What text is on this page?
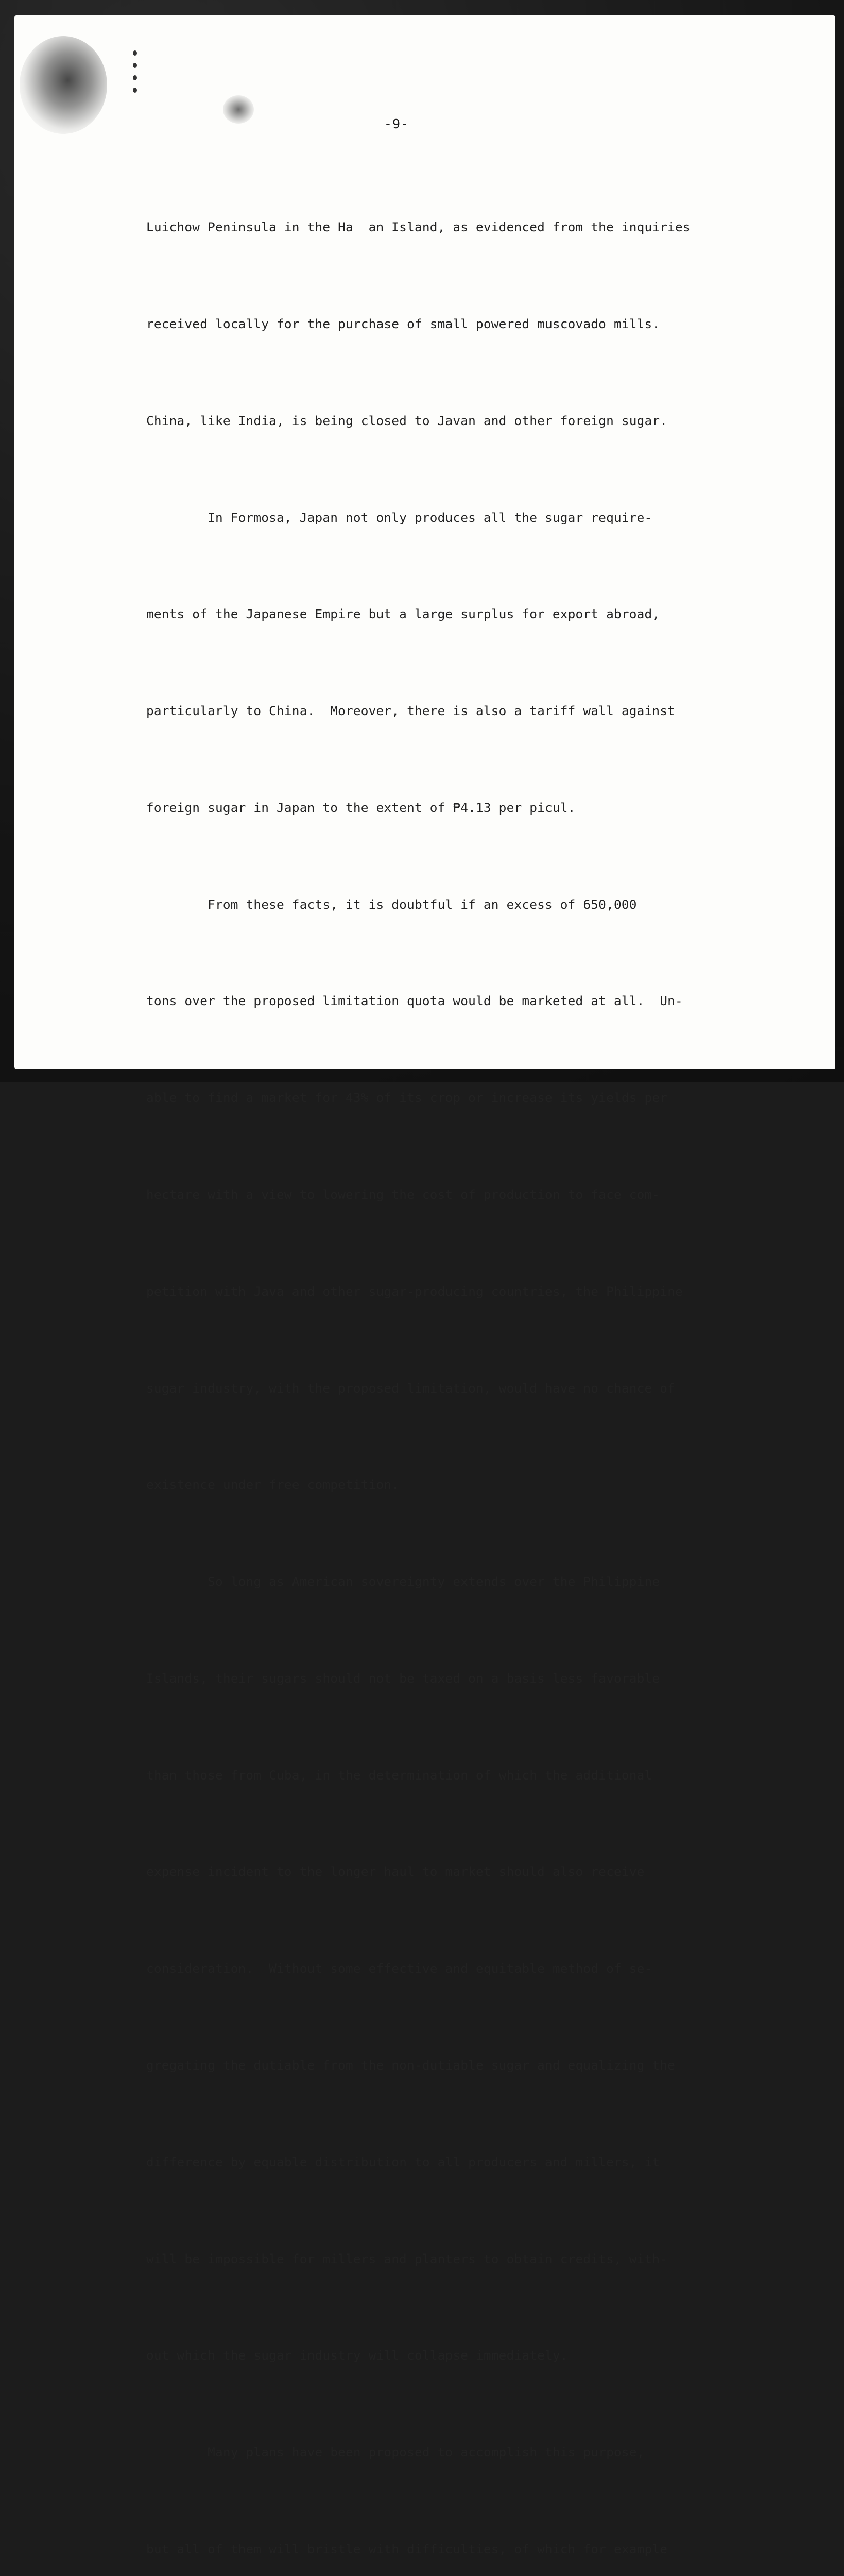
-9-

Luichow Peninsula in the Ha  an Island, as evidenced from the inquiries

received locally for the purchase of small powered muscovado mills.

China, like India, is being closed to Javan and other foreign sugar.

In Formosa, Japan not only produces all the sugar requirе-

ments of the Japanese Empire but a large surplus for export abroad,

particularly to China.  Moreover, there is also a tariff wall against

foreign sugar in Japan to the extent of ₱4.13 per picul.

From these facts, it is doubtful if an excess of 650,000

tons over the proposed limitation quota would be marketed at all.  Un-

able to find a market for 43% of its crop or increase its yields per

hectare with a view to lowering the cost of production to face com-

petition with Java and other sugar-producing countries, the Philippine

sugar industry, with the proposed limitation, would have no chance of

existence under free competition.

So long as American sovereignty extends over the Philippine

Islands, their sugars should not be taxed on a basis less favorable

than those from Cuba, in the determination of which the additional

expense incident to the longer haul to market should also receive

consideration.  Without some effective and equitable method of se-

gregating the dutiable from the non-dutiable sugar and equalizing the

difference by equable distribution to all producers and millers, it

will be impossible for millers and planters to obtain credits, with-

out which the sugar industry will collapse immediately.

Many plans have been proposed to accomplish this purpose,

but all of them will bristle with difficulties, of which for example
